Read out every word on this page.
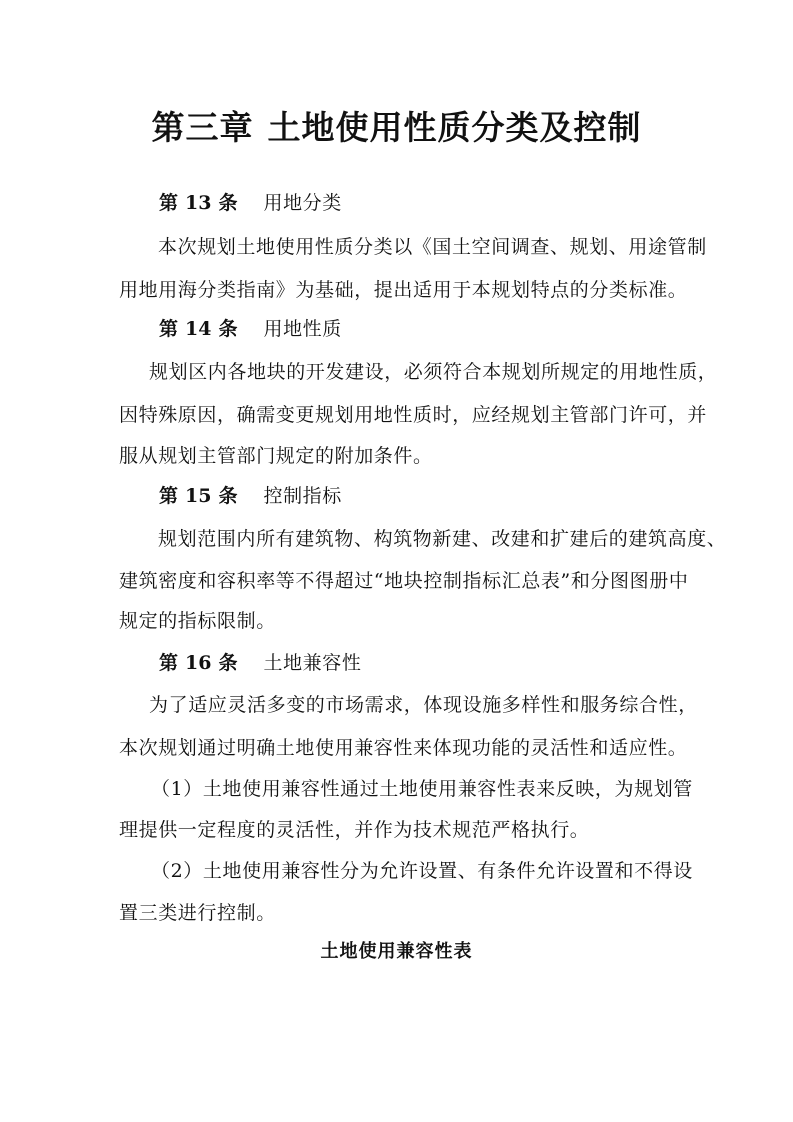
第三章 土地使用性质分类及控制
第 13 条 用地分类
本次规划土地使用性质分类以《国土空间调查、规划、用途管制
用地用海分类指南》为基础，提出适用于本规划特点的分类标准。
第 14 条 用地性质
规划区内各地块的开发建设，必须符合本规划所规定的用地性质，
因特殊原因，确需变更规划用地性质时，应经规划主管部门许可，并
服从规划主管部门规定的附加条件。
第 15 条 控制指标
规划范围内所有建筑物、构筑物新建、改建和扩建后的建筑高度、
建筑密度和容积率等不得超过“地块控制指标汇总表”和分图图册中
规定的指标限制。
第 16 条 土地兼容性
为了适应灵活多变的市场需求，体现设施多样性和服务综合性，
本次规划通过明确土地使用兼容性来体现功能的灵活性和适应性。
（1）土地使用兼容性通过土地使用兼容性表来反映，为规划管
理提供一定程度的灵活性，并作为技术规范严格执行。
（2）土地使用兼容性分为允许设置、有条件允许设置和不得设
置三类进行控制。
土地使用兼容性表
